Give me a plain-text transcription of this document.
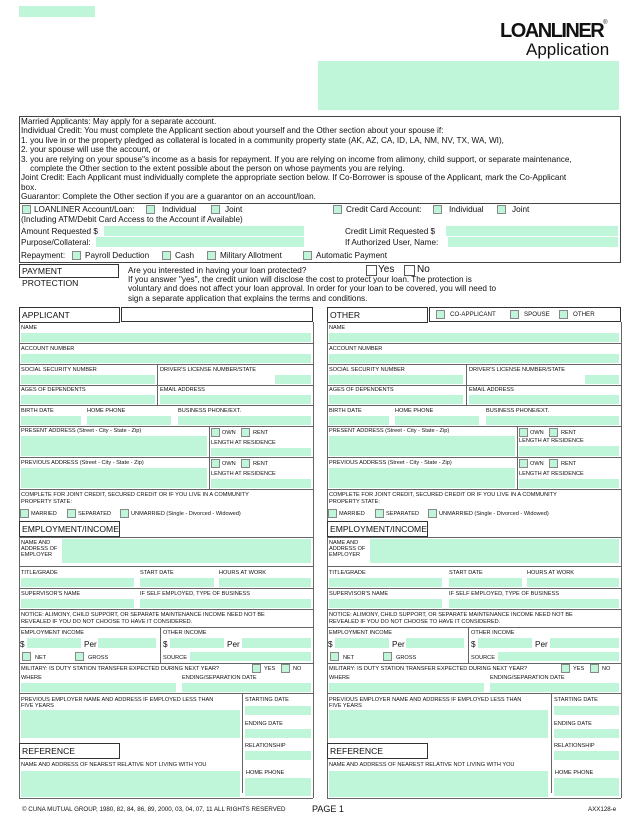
LOANLINER®
Application
Married Applicants: May apply for a separate account.
Individual Credit: You must complete the Applicant section about yourself and the Other section about your spouse if:
1. you live in or the property pledged as collateral is located in a community property state (AK, AZ, CA, ID, LA, NM, NV, TX, WA, WI),
2. your spouse will use the account, or
3. you are relying on your spouse"s income as a basis for repayment. If you are relying on income from alimony, child support, or separate maintenance,
complete the Other section to the extent possible about the person on whose payments you are relying.
Joint Credit: Each Applicant must individually complete the appropriate section below. If Co-Borrower is spouse of the Applicant, mark the Co-Applicant
box.
Guarantor: Complete the Other section if you are a guarantor on an account/loan.
LOANLINER Account/Loan:	Individual	Joint
(Including ATM/Debit Card Access to the Account if Available)
Credit Card Account:	Individual	Joint
Amount Requested $
Purpose/Collateral:
Credit Limit Requested $
If Authorized User, Name:
Repayment: Payroll Deduction	Cash	Military Allotment	Automatic Payment
PAYMENT PROTECTION
Are you interested in having your loan protected?	Yes No
If you answer "yes", the credit union will disclose the cost to protect your loan. The protection is
voluntary and does not affect your loan approval. In order for your loan to be covered, you will need to
sign a separate application that explains the terms and conditions.
APPLICANT
NAME
ACCOUNT NUMBER
SOCIAL SECURITY NUMBER	DRIVER'S LICENSE NUMBER/STATE
AGES OF DEPENDENTS	EMAIL ADDRESS
BIRTH DATE	HOME PHONE	BUSINESS PHONE/EXT.
PRESENT ADDRESS (Street - City - State - Zip)	OWN	RENT
LENGTH AT RESIDENCE
PREVIOUS ADDRESS (Street - City - State - Zip)	OWN	RENT
LENGTH AT RESIDENCE
COMPLETE FOR JOINT CREDIT, SECURED CREDIT OR IF YOU LIVE IN A COMMUNITY
PROPERTY STATE:
MARRIED	SEPARATED	UNMARRIED (Single - Divorced - Widowed)
EMPLOYMENT/INCOME
NAME AND
ADDRESS OF
EMPLOYER
TITLE/GRADE	START DATE	HOURS AT WORK
SUPERVISOR'S NAME	IF SELF EMPLOYED, TYPE OF BUSINESS
NOTICE: ALIMONY, CHILD SUPPORT, OR SEPARATE MAINTENANCE INCOME NEED NOT BE
REVEALED IF YOU DO NOT CHOOSE TO HAVE IT CONSIDERED.
EMPLOYMENT INCOME	OTHER INCOME
$	Per	$	Per
NET	GROSS	SOURCE
MILITARY: IS DUTY STATION TRANSFER EXPECTED DURING NEXT YEAR?	YES	NO
WHERE	ENDING/SEPARATION DATE
PREVIOUS EMPLOYER NAME AND ADDRESS IF EMPLOYED LESS THAN
FIVE YEARS
STARTING DATE
ENDING DATE
RELATIONSHIP
REFERENCE
NAME AND ADDRESS OF NEAREST RELATIVE NOT LIVING WITH YOU
HOME PHONE
OTHER	CO-APPLICANT	SPOUSE	OTHER
NAME
ACCOUNT NUMBER
SOCIAL SECURITY NUMBER	DRIVER'S LICENSE NUMBER/STATE
AGES OF DEPENDENTS	EMAIL ADDRESS
BIRTH DATE	HOME PHONE	BUSINESS PHONE/EXT.
PRESENT ADDRESS (Street - City - State - Zip)	OWN	RENT
LENGTH AT RESIDENCE
PREVIOUS ADDRESS (Street - City - State - Zip)	OWN	RENT
LENGTH AT RESIDENCE
COMPLETE FOR JOINT CREDIT, SECURED CREDIT OR IF YOU LIVE IN A COMMUNITY
PROPERTY STATE:
MARRIED	SEPARATED	UNMARRIED (Single - Divorced - Widowed)
EMPLOYMENT/INCOME
NAME AND
ADDRESS OF
EMPLOYER
TITLE/GRADE	START DATE	HOURS AT WORK
SUPERVISOR'S NAME	IF SELF EMPLOYED, TYPE OF BUSINESS
NOTICE: ALIMONY, CHILD SUPPORT, OR SEPARATE MAINTENANCE INCOME NEED NOT BE
REVEALED IF YOU DO NOT CHOOSE TO HAVE IT CONSIDERED.
EMPLOYMENT INCOME	OTHER INCOME
$	Per	$	Per
NET	GROSS	SOURCE
MILITARY: IS DUTY STATION TRANSFER EXPECTED DURING NEXT YEAR?	YES	NO
WHERE	ENDING/SEPARATION DATE
PREVIOUS EMPLOYER NAME AND ADDRESS IF EMPLOYED LESS THAN
FIVE YEARS
STARTING DATE
ENDING DATE
RELATIONSHIP
REFERENCE
NAME AND ADDRESS OF NEAREST RELATIVE NOT LIVING WITH YOU
HOME PHONE
© CUNA MUTUAL GROUP, 1980, 82, 84, 86, 89, 2000, 03, 04, 07, 11 ALL RIGHTS RESERVED	PAGE 1	AXX128-e
